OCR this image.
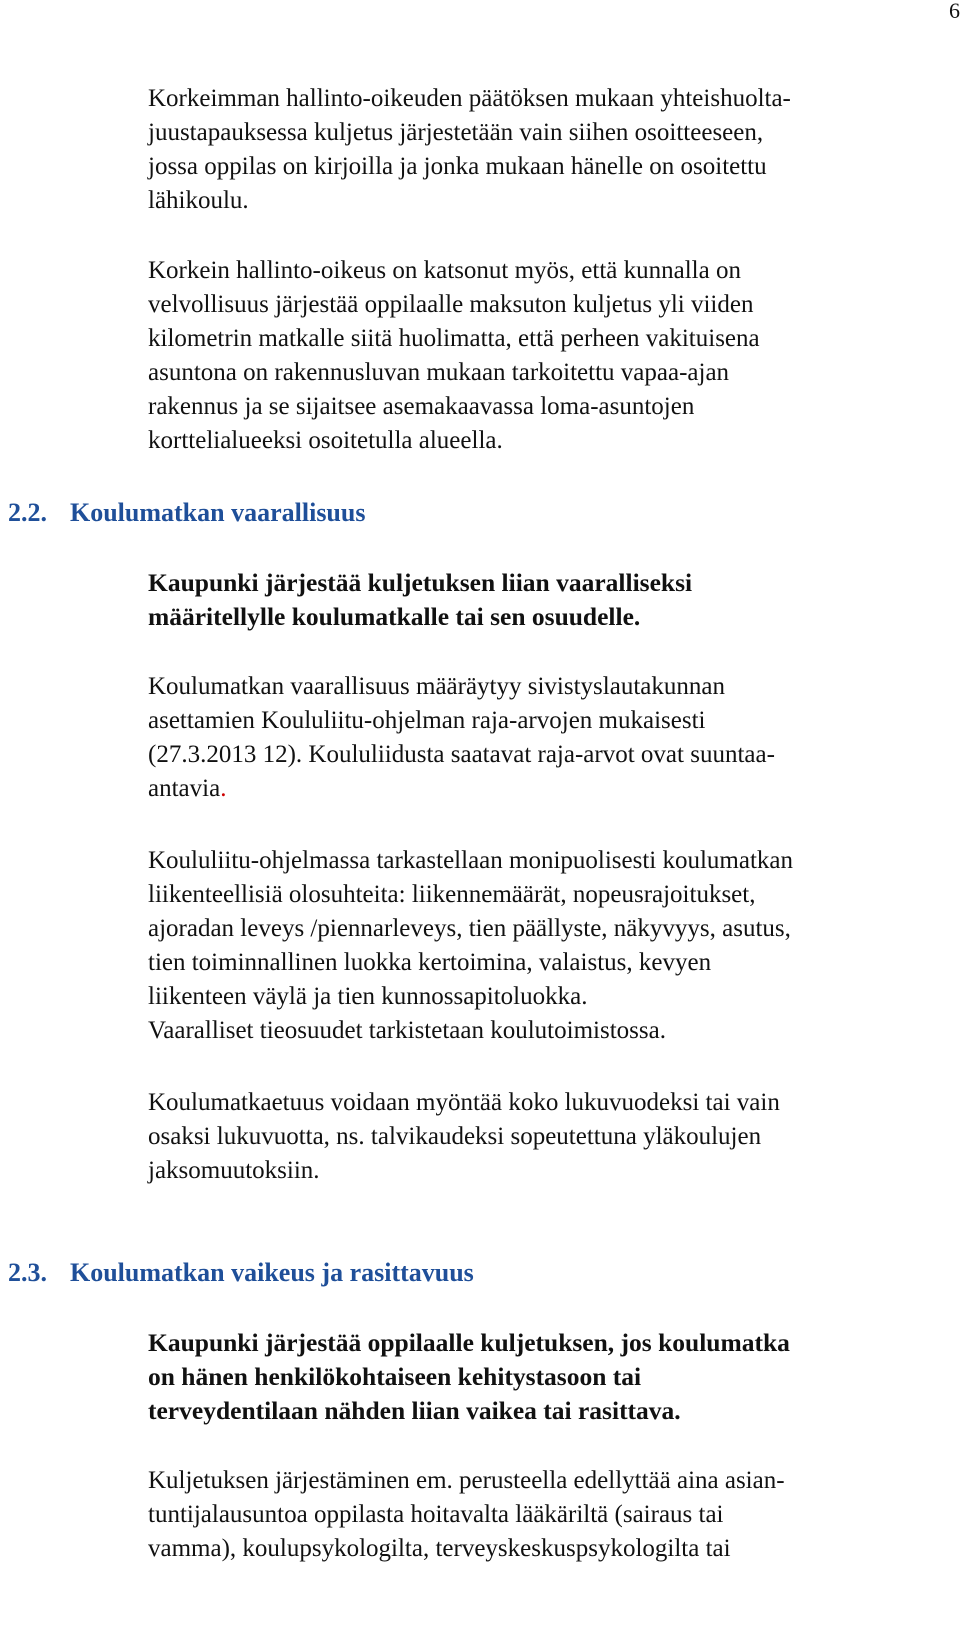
6

Korkeimman hallinto-oikeuden päätöksen mukaan yhteishuolta-

juustapauksessa kuljetus järjestetään vain siihen osoitteeseen,

jossa oppilas on kirjoilla ja jonka mukaan hänelle on osoitettu

lähikoulu.

Korkein hallinto-oikeus on katsonut myös, että kunnalla on

velvollisuus järjestää oppilaalle maksuton kuljetus yli viiden

kilometrin matkalle siitä huolimatta, että perheen vakituisena

asuntona on rakennusluvan mukaan tarkoitettu vapaa-ajan

rakennus ja se sijaitsee asemakaavassa loma-asuntojen

korttelialueeksi osoitetulla alueella.

2.2. Koulumatkan vaarallisuus

Kaupunki järjestää kuljetuksen liian vaaralliseksi

määritellylle koulumatkalle tai sen osuudelle.

Koulumatkan vaarallisuus määräytyy sivistyslautakunnan

asettamien Koululiitu-ohjelman raja-arvojen mukaisesti

(27.3.2013 12). Koululiidusta saatavat raja-arvot ovat suuntaa-

antavia.

Koululiitu-ohjelmassa tarkastellaan monipuolisesti koulumatkan

liikenteellisiä olosuhteita: liikennemäärät, nopeusrajoitukset,

ajoradan leveys /piennarleveys, tien päällyste, näkyvyys, asutus,

tien toiminnallinen luokka kertoimina, valaistus, kevyen

liikenteen väylä ja tien kunnossapitoluokka.

Vaaralliset tieosuudet tarkistetaan koulutoimistossa.

Koulumatkaetuus voidaan myöntää koko lukuvuodeksi tai vain

osaksi lukuvuotta, ns. talvikaudeksi sopeutettuna yläkoulujen

jaksomuutoksiin.

2.3. Koulumatkan vaikeus ja rasittavuus

Kaupunki järjestää oppilaalle kuljetuksen, jos koulumatka

on hänen henkilökohtaiseen kehitystasoon tai

terveydentilaan nähden liian vaikea tai rasittava.

Kuljetuksen järjestäminen em. perusteella edellyttää aina asian-

tuntijalausuntoa oppilasta hoitavalta lääkäriltä (sairaus tai

vamma), koulupsykologilta, terveyskeskuspsykologilta tai
